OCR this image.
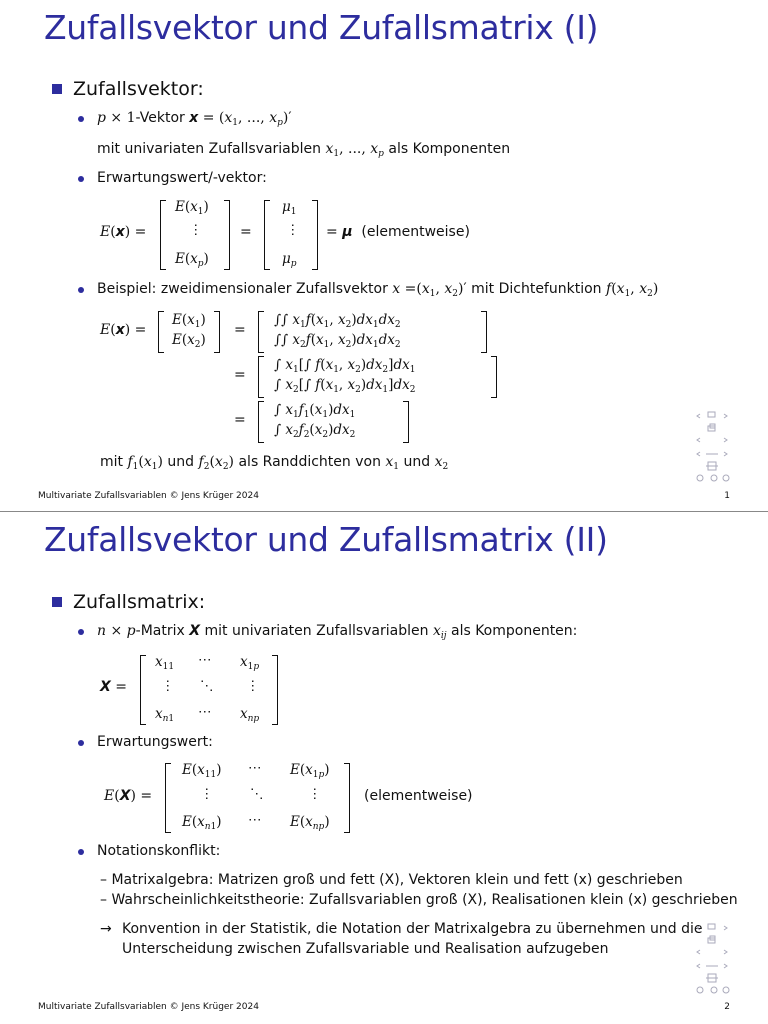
Zufallsvektor und Zufallsmatrix (I)
Zufallsvektor:
p × 1-Vektor $x = (x_1$, ..., $x_p)'$
mit univariaten Zufallsvariablen $x_1$, ..., $x_p$ als Komponenten
Erwartungswert/-vektor:
E(x) =
$E(x_1)$
⋮
$E(x_p)$
=
$\mu_1$
⋮
$\mu_p$
= μ (elementweise)
Beispiel: zweidimensionaler Zufallsvektor $x =(x_1$, $x_2)'$ mit Dichtefunktion $f(x_1$, $x_2$)
E(x) =
$E(x_1)$
$E(x_2)$
=
∫∫ $x_1f(x_1$, $x_2)dx_1dx_2$
∫∫ $x_2f(x_1$, $x_2)dx_1dx_2$
=
∫ $x_1[\int$ $f(x_1$, $x_2)dx_2]dx_1$
∫ $x_2[\int$ $f(x_1$, $x_2)dx_1]dx_2$
=
∫ $x_1f_1(x_1)dx_1$
∫ $x_2f_2(x_2)dx_2$
mit $f_1(x_1)$ und $f_2(x_2)$ als Randdichten von $x_1$ und $x_2$
Multivariate Zufallsvariablen © Jens Krüger 2024	1
Zufallsvektor und Zufallsmatrix (II)
Zufallsmatrix:
n × p-Matrix X mit univariaten Zufallsvariablen $x_{ij}$ als Komponenten:
X =
$x_{11}$ ⋯ $x_{1p}$
⋮ ⋱ ⋮
$x_{n1}$ ⋯ $x_{np}$
Erwartungswert:
E(X) =
$E(x_{11})$ ⋯ $E(x_{1p})$
⋮	⋱	⋮
$E(x_{n1})$ ⋯ $E(x_{np})$
(elementweise)
Notationskonflikt:
– Matrixalgebra: Matrizen groß und fett (X), Vektoren klein und fett (x) geschrieben
– Wahrscheinlichkeitstheorie: Zufallsvariablen groß (X), Realisationen klein (x) geschrieben
→ Konvention in der Statistik, die Notation der Matrixalgebra zu übernehmen und die
Unterscheidung zwischen Zufallsvariable und Realisation aufzugeben
Multivariate Zufallsvariablen © Jens Krüger 2024	2
